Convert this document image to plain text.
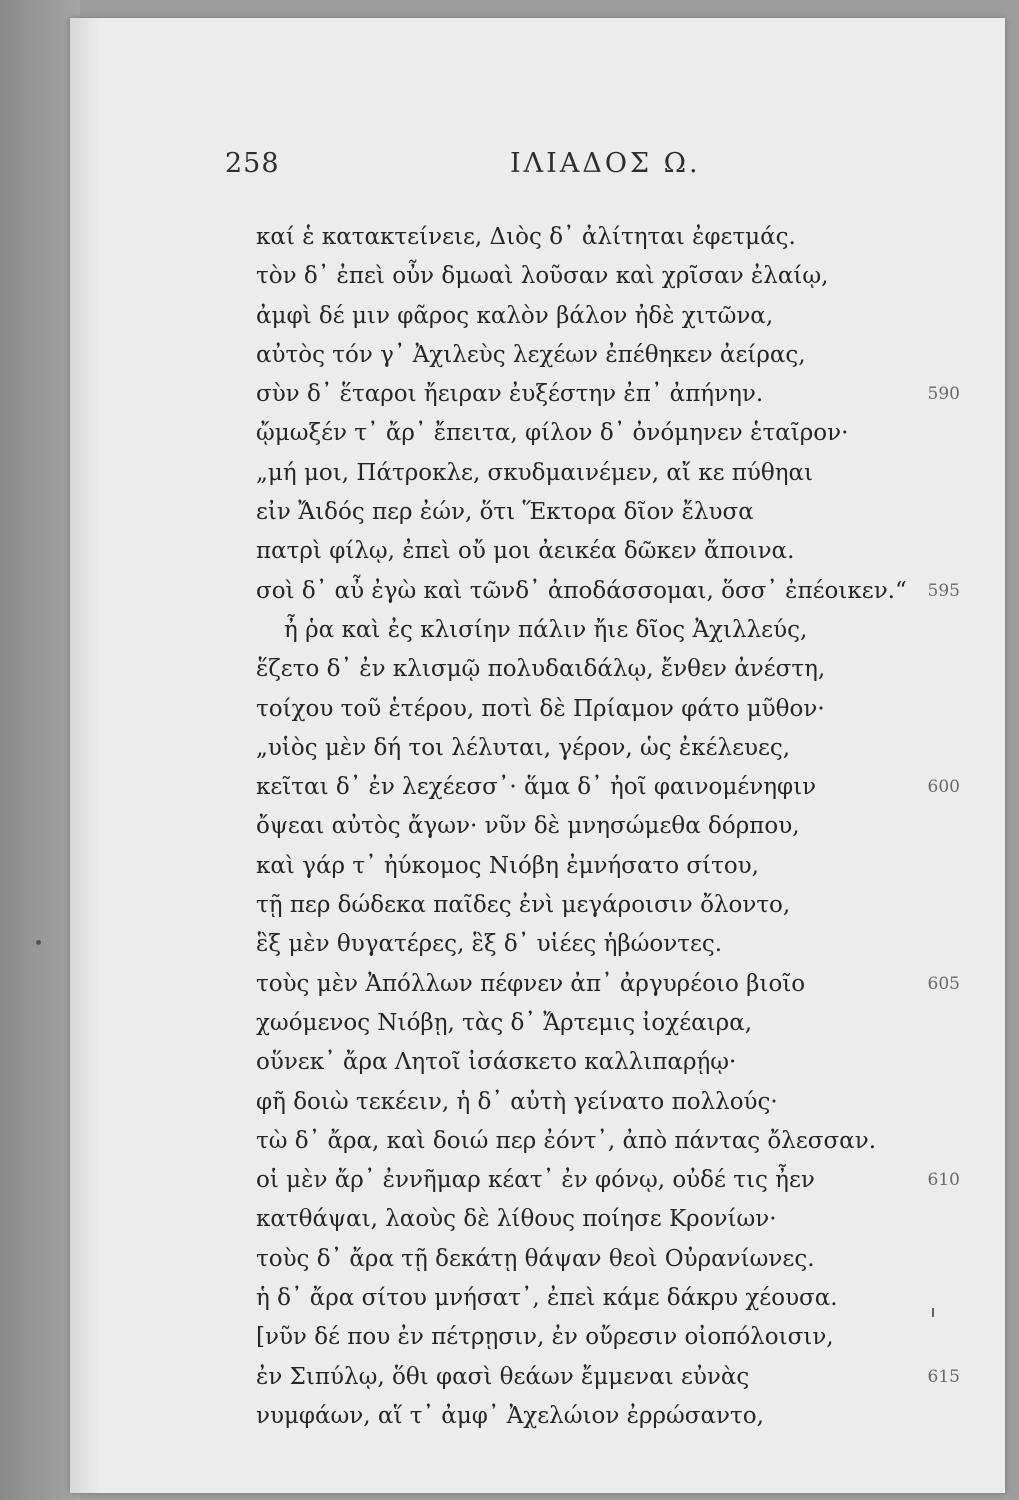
258	ΙΛΙΑΔΟΣ Ω.
καί ἑ κατακτείνειε, Διὸς δ᾽ ἀλίτηται ἐφετμάς.
τὸν δ᾽ ἐπεὶ οὖν δμωαὶ λοῦσαν καὶ χρῖσαν ἐλαίῳ,
ἀμφὶ δέ μιν φᾶρος καλὸν βάλον ἠδὲ χιτῶνα,
αὐτὸς τόν γ᾽ Ἀχιλεὺς λεχέων ἐπέθηκεν ἀείρας,
σὺν δ᾽ ἕταροι ἤειραν ἐυξέστην ἐπ᾽ ἀπήνην.	590
ᾤμωξέν τ᾽ ἄρ᾽ ἔπειτα, φίλον δ᾽ ὀνόμηνεν ἑταῖρον·
„μή μοι, Πάτροκλε, σκυδμαινέμεν, αἴ κε πύθηαι
εἰν Ἄιδός περ ἐών, ὅτι Ἕκτορα δῖον ἔλυσα
πατρὶ φίλῳ, ἐπεὶ οὔ μοι ἀεικέα δῶκεν ἄποινα.
σοὶ δ᾽ αὖ ἐγὼ καὶ τῶνδ᾽ ἀποδάσσομαι, ὅσσ᾽ ἐπέοικεν.“ 595
ἦ ῥα καὶ ἐς κλισίην πάλιν ἤιε δῖος Ἀχιλλεύς,
ἕζετο δ᾽ ἐν κλισμῷ πολυδαιδάλῳ, ἔνθεν ἀνέστη,
τοίχου τοῦ ἑτέρου, ποτὶ δὲ Πρίαμον φάτο μῦθον·
„υἱὸς μὲν δή τοι λέλυται, γέρον, ὡς ἐκέλευες,
κεῖται δ᾽ ἐν λεχέεσσ᾽· ἅμα δ᾽ ἠοῖ φαινομένηφιν	600
ὄψεαι αὐτὸς ἄγων· νῦν δὲ μνησώμεθα δόρπου,
καὶ γάρ τ᾽ ἠύκομος Νιόβη ἐμνήσατο σίτου,
τῇ περ δώδεκα παῖδες ἐνὶ μεγάροισιν ὄλοντο,
ἓξ μὲν θυγατέρες, ἓξ δ᾽ υἱέες ἡβώοντες.
τοὺς μὲν Ἀπόλλων πέφνεν ἀπ᾽ ἀργυρέοιο βιοῖο	605
χωόμενος Νιόβῃ, τὰς δ᾽ Ἄρτεμις ἰοχέαιρα,
οὕνεκ᾽ ἄρα Λητοῖ ἰσάσκετο καλλιπαρῄῳ·
φῆ δοιὼ τεκέειν, ἡ δ᾽ αὐτὴ γείνατο πολλούς·
τὼ δ᾽ ἄρα, καὶ δοιώ περ ἐόντ᾽, ἀπὸ πάντας ὄλεσσαν.
οἱ μὲν ἄρ᾽ ἐννῆμαρ κέατ᾽ ἐν φόνῳ, οὐδέ τις ἦεν	610
κατθάψαι, λαοὺς δὲ λίθους ποίησε Κρονίων·
τοὺς δ᾽ ἄρα τῇ δεκάτῃ θάψαν θεοὶ Οὐρανίωνες.
ἡ δ᾽ ἄρα σίτου μνήσατ᾽, ἐπεὶ κάμε δάκρυ χέουσα.
[νῦν δέ που ἐν πέτρῃσιν, ἐν οὔρεσιν οἰοπόλοισιν,
ἐν Σιπύλῳ, ὅθι φασὶ θεάων ἔμμεναι εὐνὰς	615
νυμφάων, αἵ τ᾽ ἀμφ᾽ Ἀχελώιον ἐρρώσαντο,
